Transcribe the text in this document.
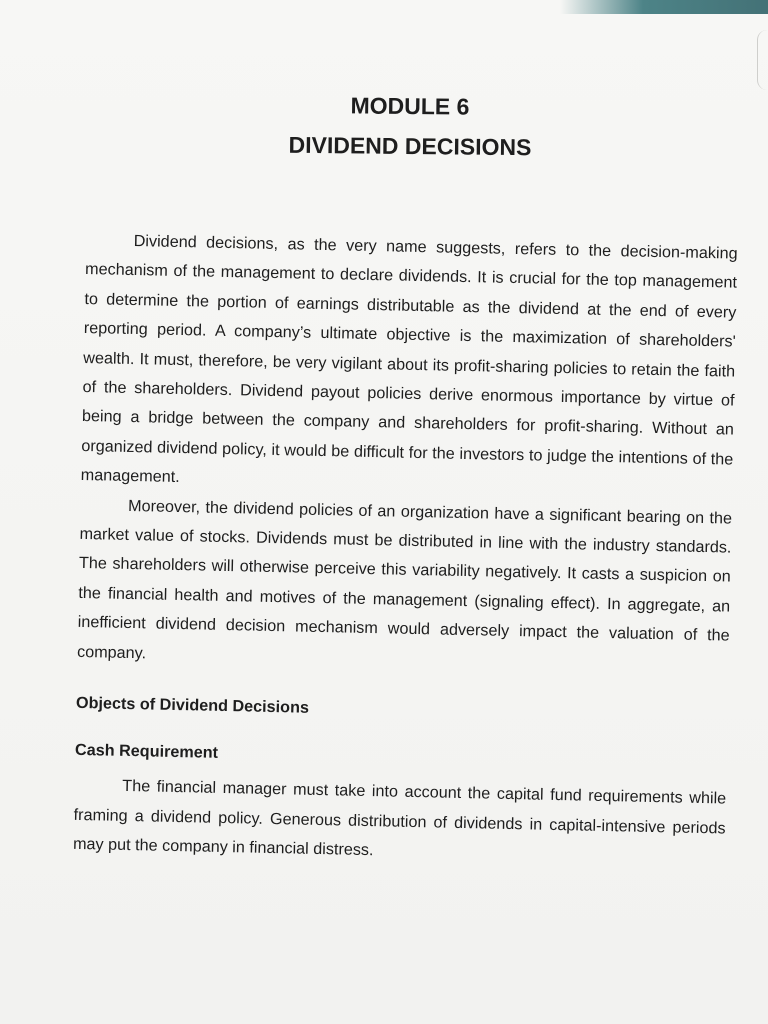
MODULE 6
DIVIDEND DECISIONS

Dividend decisions, as the very name suggests, refers to the decision-making mechanism of the management to declare dividends. It is crucial for the top management to determine the portion of earnings distributable as the dividend at the end of every reporting period. A company’s ultimate objective is the maximization of shareholders' wealth. It must, therefore, be very vigilant about its profit-sharing policies to retain the faith of the shareholders. Dividend payout policies derive enormous importance by virtue of being a bridge between the company and shareholders for profit-sharing. Without an organized dividend policy, it would be difficult for the investors to judge the intentions of the management.

Moreover, the dividend policies of an organization have a significant bearing on the market value of stocks. Dividends must be distributed in line with the industry standards. The shareholders will otherwise perceive this variability negatively. It casts a suspicion on the financial health and motives of the management (signaling effect). In aggregate, an inefficient dividend decision mechanism would adversely impact the valuation of the company.

Objects of Dividend Decisions

Cash Requirement

The financial manager must take into account the capital fund requirements while framing a dividend policy. Generous distribution of dividends in capital-intensive periods may put the company in financial distress.
